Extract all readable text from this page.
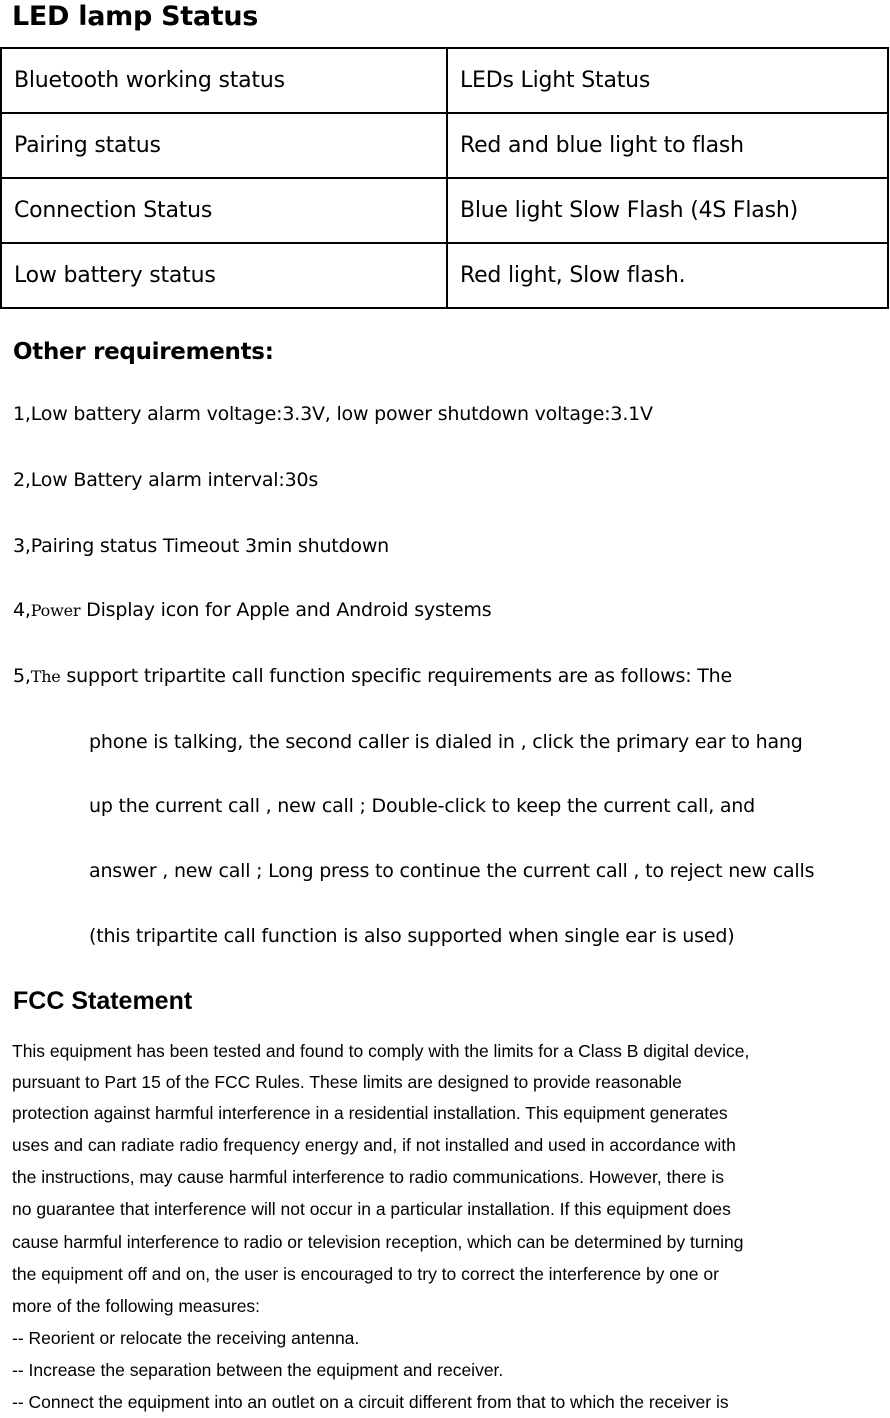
LED lamp Status
Bluetooth working status	LEDs Light Status
Pairing status	Red and blue light to flash
Connection Status	Blue light Slow Flash (4S Flash)
Low battery status	Red light, Slow flash.
Other requirements:
1,Low battery alarm voltage:3.3V, low power shutdown voltage:3.1V
2,Low Battery alarm interval:30s
3,Pairing status Timeout 3min shutdown
4,Power Display icon for Apple and Android systems
5,The support tripartite call function specific requirements are as follows: The
phone is talking, the second caller is dialed in , click the primary ear to hang
up the current call , new call ; Double-click to keep the current call, and
answer , new call ; Long press to continue the current call , to reject new calls
(this tripartite call function is also supported when single ear is used)
FCC Statement
This equipment has been tested and found to comply with the limits for a Class B digital device,
pursuant to Part 15 of the FCC Rules. These limits are designed to provide reasonable
protection against harmful interference in a residential installation. This equipment generates
uses and can radiate radio frequency energy and, if not installed and used in accordance with
the instructions, may cause harmful interference to radio communications. However, there is
no guarantee that interference will not occur in a particular installation. If this equipment does
cause harmful interference to radio or television reception, which can be determined by turning
the equipment off and on, the user is encouraged to try to correct the interference by one or
more of the following measures:
-- Reorient or relocate the receiving antenna.
-- Increase the separation between the equipment and receiver.
-- Connect the equipment into an outlet on a circuit different from that to which the receiver is
